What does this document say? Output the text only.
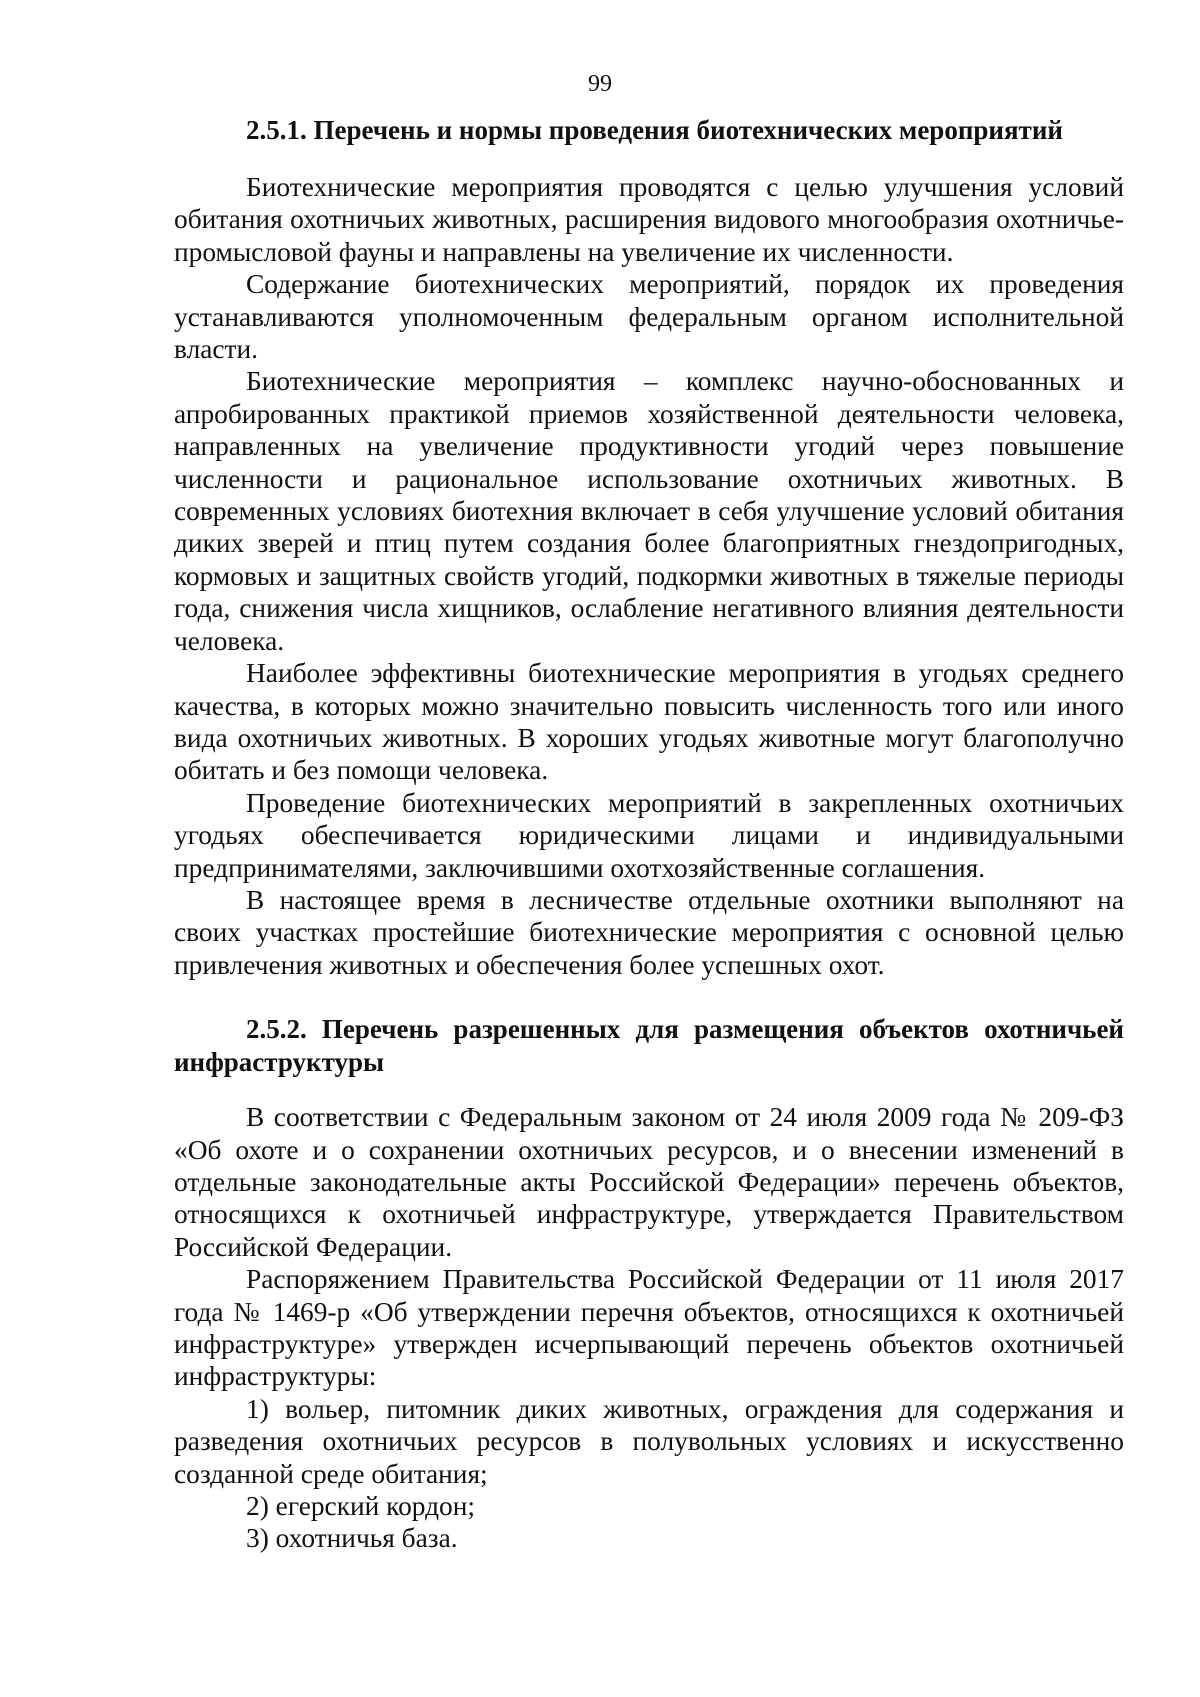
99
2.5.1. Перечень и нормы проведения биотехнических мероприятий

Биотехнические мероприятия проводятся с целью улучшения условий обитания охотничьих животных, расширения видового многообразия охотничье-промысловой фауны и направлены на увеличение их численности.

Содержание биотехнических мероприятий, порядок их проведения устанавливаются уполномоченным федеральным органом исполнительной власти.

Биотехнические мероприятия – комплекс научно-обоснованных и апробированных практикой приемов хозяйственной деятельности человека, направленных на увеличение продуктивности угодий через повышение численности и рациональное использование охотничьих животных. В современных условиях биотехния включает в себя улучшение условий обитания диких зверей и птиц путем создания более благоприятных гнездопригодных, кормовых и защитных свойств угодий, подкормки животных в тяжелые периоды года, снижения числа хищников, ослабление негативного влияния деятельности человека.

Наиболее эффективны биотехнические мероприятия в угодьях среднего качества, в которых можно значительно повысить численность того или иного вида охотничьих животных. В хороших угодьях животные могут благополучно обитать и без помощи человека.

Проведение биотехнических мероприятий в закрепленных охотничьих угодьях обеспечивается юридическими лицами и индивидуальными предпринимателями, заключившими охотхозяйственные соглашения.

В настоящее время в лесничестве отдельные охотники выполняют на своих участках простейшие биотехнические мероприятия с основной целью привлечения животных и обеспечения более успешных охот.

2.5.2. Перечень разрешенных для размещения объектов охотничьей инфраструктуры

В соответствии с Федеральным законом от 24 июля 2009 года № 209-ФЗ «Об охоте и о сохранении охотничьих ресурсов, и о внесении изменений в отдельные законодательные акты Российской Федерации» перечень объектов, относящихся к охотничьей инфраструктуре, утверждается Правительством Российской Федерации.

Распоряжением Правительства Российской Федерации от 11 июля 2017 года № 1469-р «Об утверждении перечня объектов, относящихся к охотничьей инфраструктуре» утвержден исчерпывающий перечень объектов охотничьей инфраструктуры:

1) вольер, питомник диких животных, ограждения для содержания и разведения охотничьих ресурсов в полувольных условиях и искусственно созданной среде обитания;

2) егерский кордон;

3) охотничья база.
